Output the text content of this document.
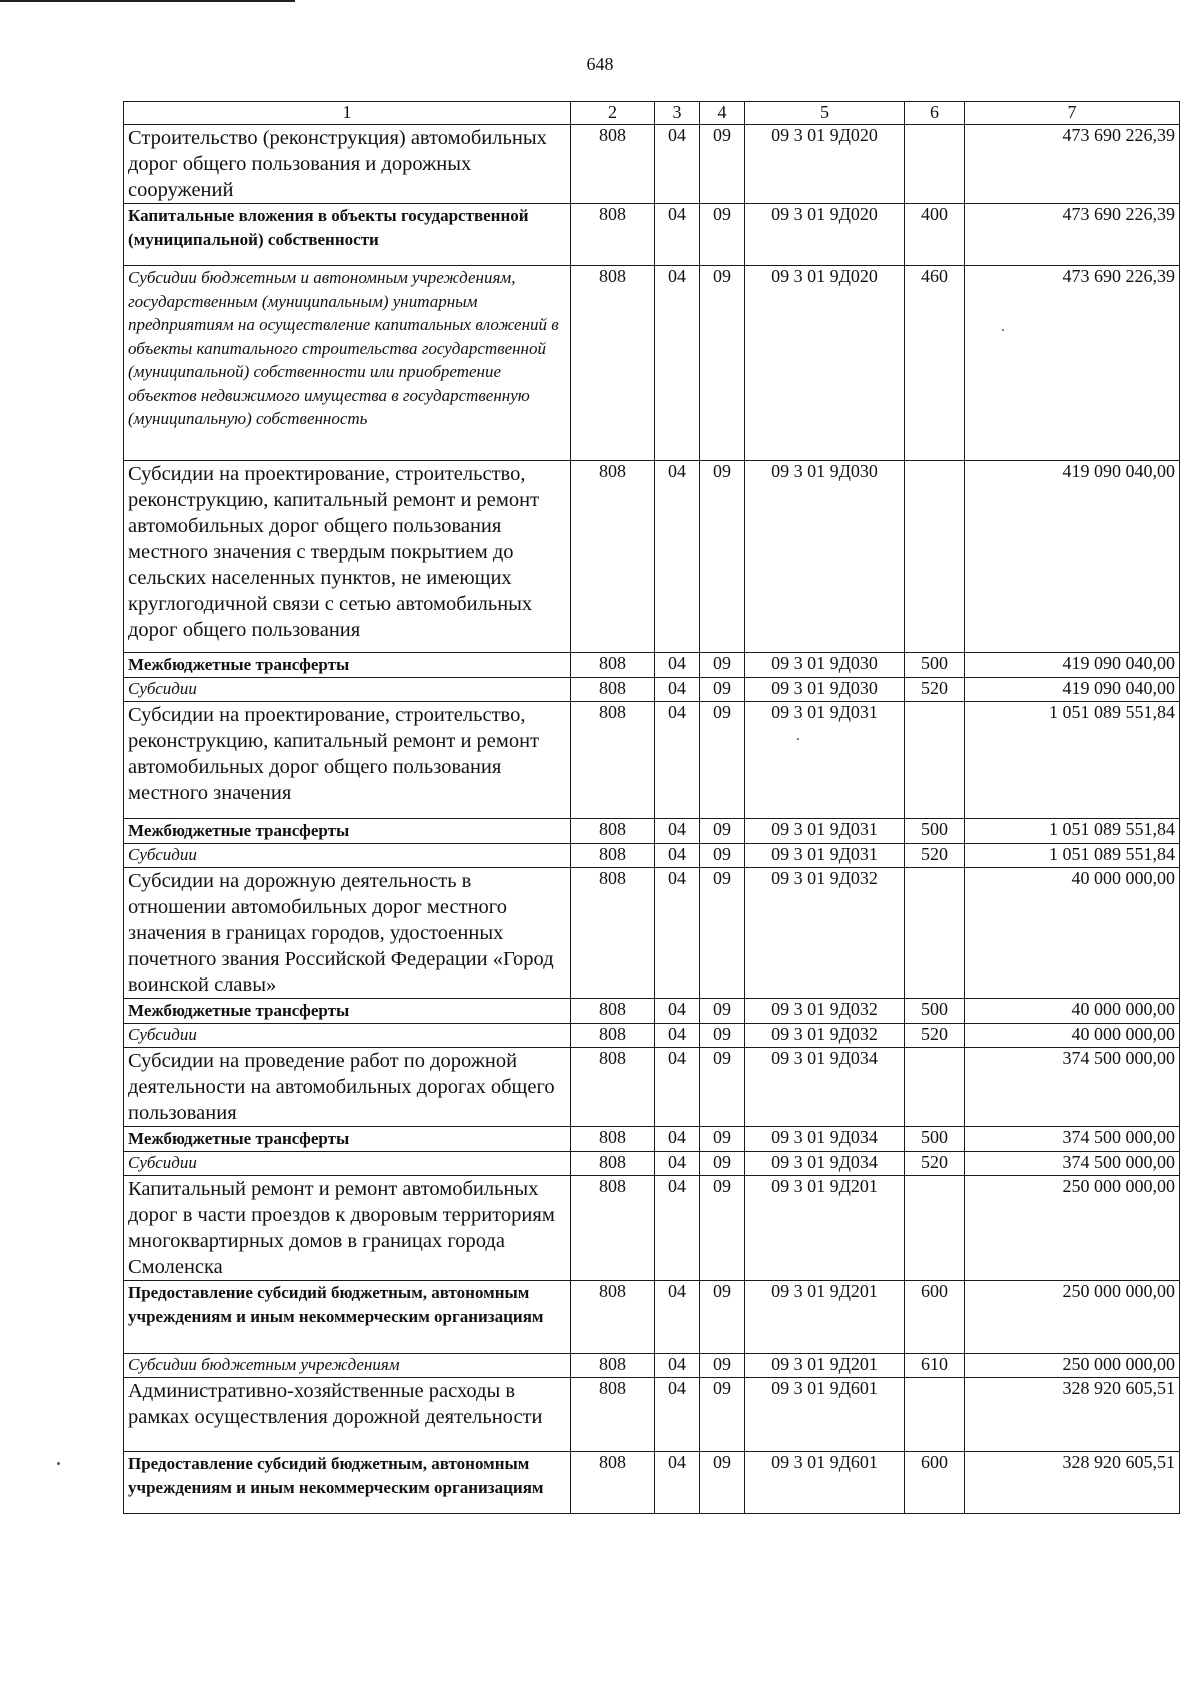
648
1	2	3	4	5	6	7
Строительство (реконструкция) автомобильных дорог общего пользования и дорожных сооружений	808	04	09	09 3 01 9Д020		473 690 226,39
Капитальные вложения в объекты государственной (муниципальной) собственности	808	04	09	09 3 01 9Д020	400	473 690 226,39
Субсидии бюджетным и автономным учреждениям, государственным (муниципальным) унитарным предприятиям на осуществление капитальных вложений в объекты капитального строительства государственной (муниципальной) собственности или приобретение объектов недвижимого имущества в государственную (муниципальную) собственность	808	04	09	09 3 01 9Д020	460	473 690 226,39
Субсидии на проектирование, строительство, реконструкцию, капитальный ремонт и ремонт автомобильных дорог общего пользования местного значения с твердым покрытием до сельских населенных пунктов, не имеющих круглогодичной связи с сетью автомобильных дорог общего пользования	808	04	09	09 3 01 9Д030		419 090 040,00
Межбюджетные трансферты	808	04	09	09 3 01 9Д030	500	419 090 040,00
Субсидии	808	04	09	09 3 01 9Д030	520	419 090 040,00
Субсидии на проектирование, строительство, реконструкцию, капитальный ремонт и ремонт автомобильных дорог общего пользования местного значения	808	04	09	09 3 01 9Д031		1 051 089 551,84
Межбюджетные трансферты	808	04	09	09 3 01 9Д031	500	1 051 089 551,84
Субсидии	808	04	09	09 3 01 9Д031	520	1 051 089 551,84
Субсидии на дорожную деятельность в отношении автомобильных дорог местного значения в границах городов, удостоенных почетного звания Российской Федерации «Город воинской славы»	808	04	09	09 3 01 9Д032		40 000 000,00
Межбюджетные трансферты	808	04	09	09 3 01 9Д032	500	40 000 000,00
Субсидии	808	04	09	09 3 01 9Д032	520	40 000 000,00
Субсидии на проведение работ по дорожной деятельности на автомобильных дорогах общего пользования	808	04	09	09 3 01 9Д034		374 500 000,00
Межбюджетные трансферты	808	04	09	09 3 01 9Д034	500	374 500 000,00
Субсидии	808	04	09	09 3 01 9Д034	520	374 500 000,00
Капитальный ремонт и ремонт автомобильных дорог в части проездов к дворовым территориям многоквартирных домов в границах города Смоленска	808	04	09	09 3 01 9Д201		250 000 000,00
Предоставление субсидий бюджетным, автономным учреждениям и иным некоммерческим организациям	808	04	09	09 3 01 9Д201	600	250 000 000,00
Субсидии бюджетным учреждениям	808	04	09	09 3 01 9Д201	610	250 000 000,00
Административно-хозяйственные расходы в рамках осуществления дорожной деятельности	808	04	09	09 3 01 9Д601		328 920 605,51
Предоставление субсидий бюджетным, автономным учреждениям и иным некоммерческим организациям	808	04	09	09 3 01 9Д601	600	328 920 605,51
